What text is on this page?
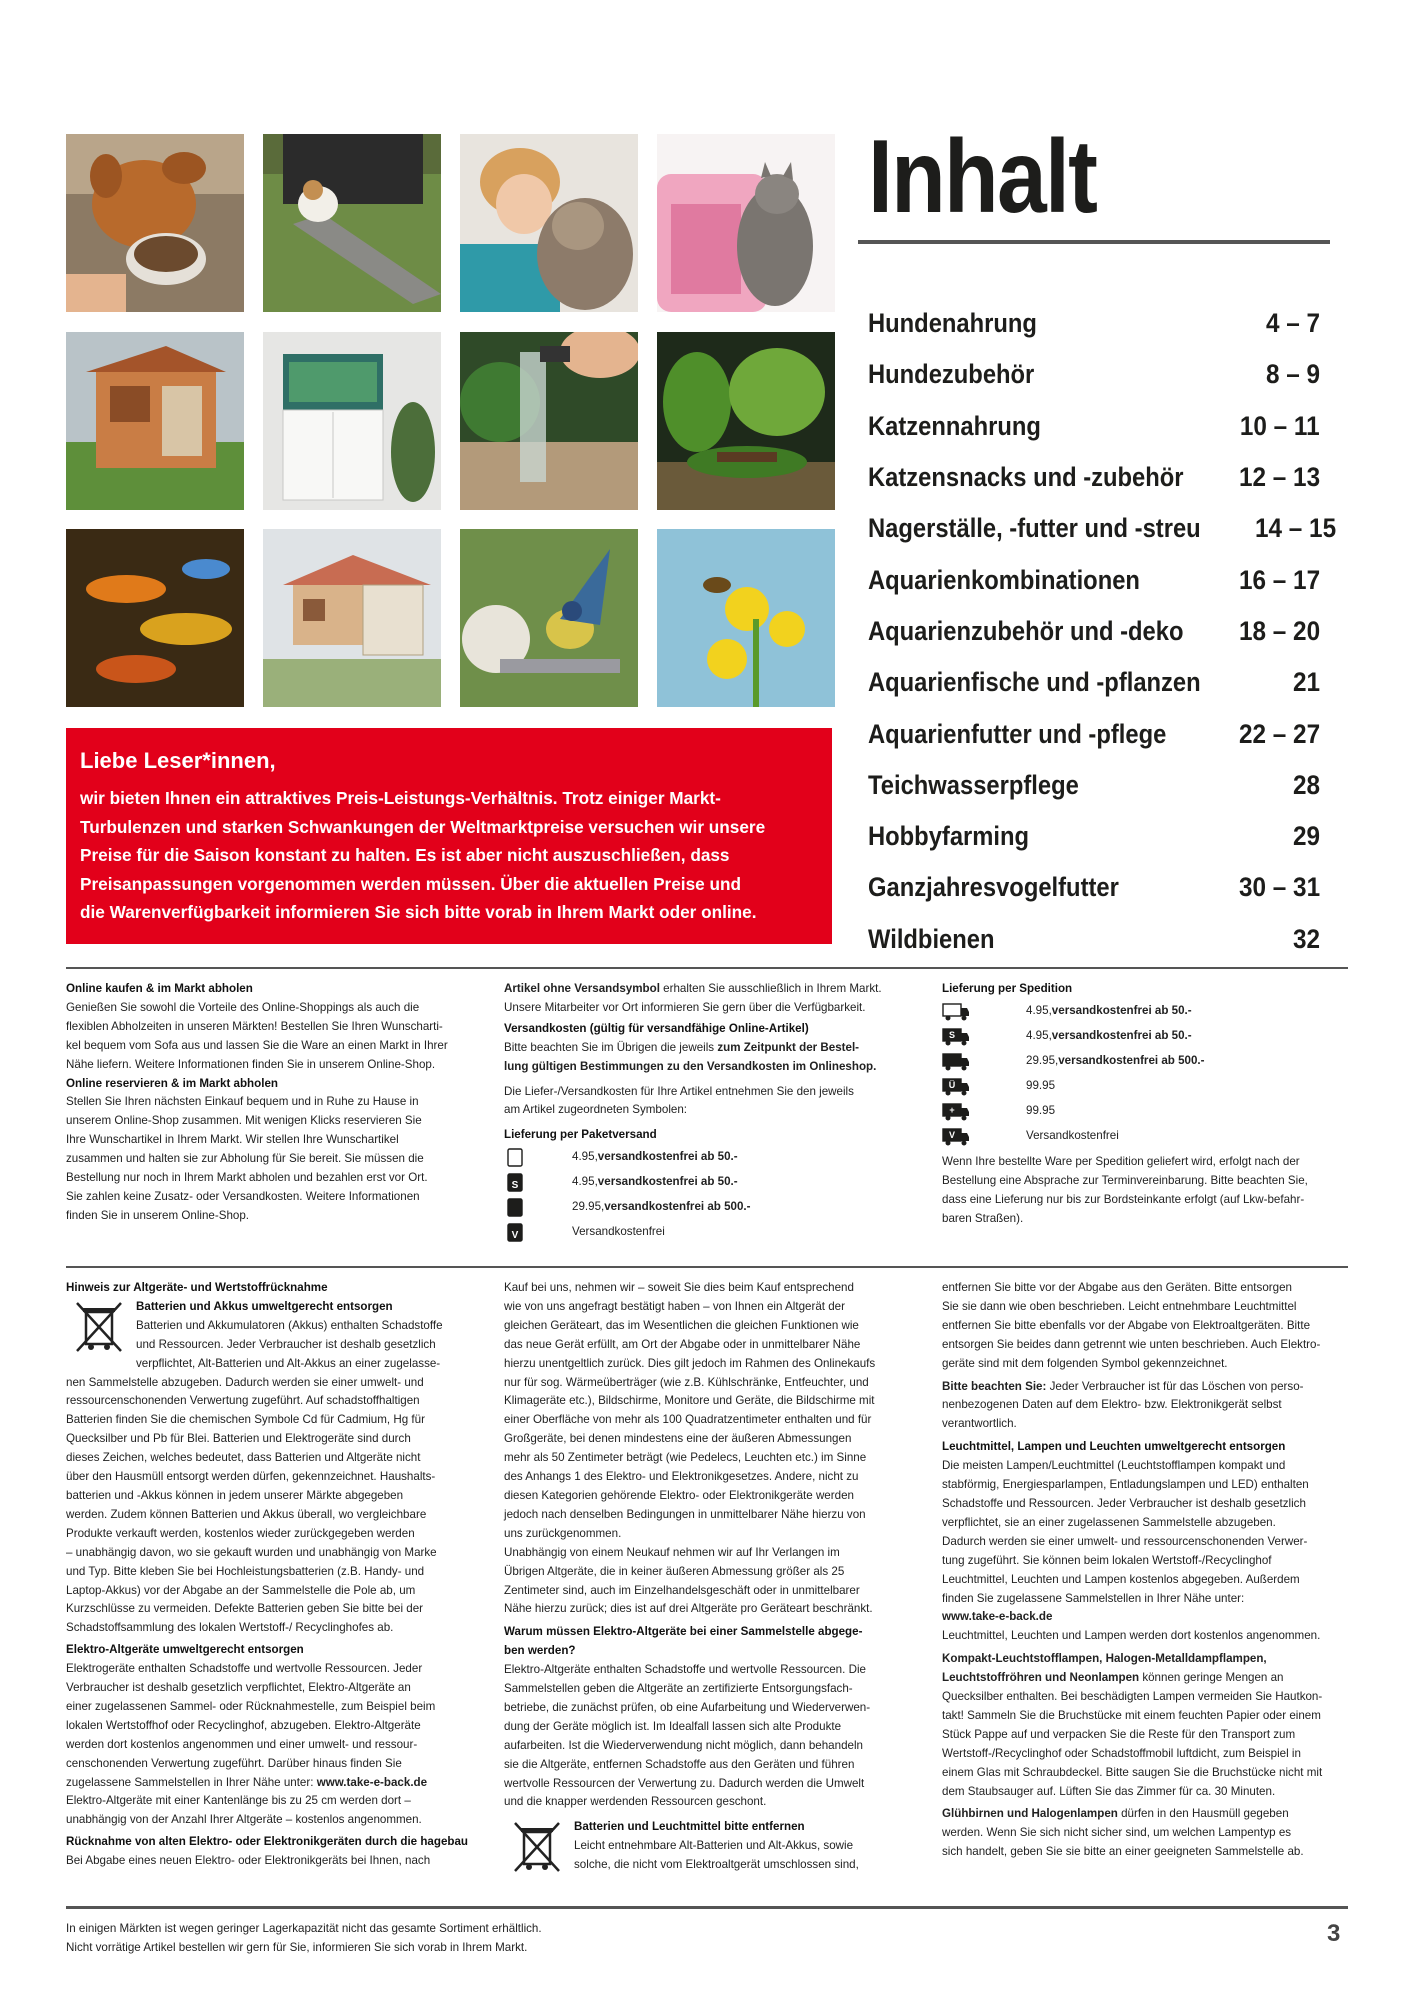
Inhalt
Hundenahrung	4 – 7
Hundezubehör	8 – 9
Katzennahrung	10 – 11
Katzensnacks und -zubehör 12 – 13
Nagerställe, -futter und -streu 14 – 15
Aquarienkombinationen	16 – 17
Aquarienzubehör und -deko 18 – 20
Aquarienfische und -pflanzen	21
Aquarienfutter und -pflege	22 – 27
Teichwasserpflege	28
Hobbyfarming	29
Ganzjahresvogelfutter	30 – 31
Wildbienen	32
Liebe Leser*innen,

wir bieten Ihnen ein attraktives Preis-Leistungs-Verhältnis. Trotz einiger Markt-
Turbulenzen und starken Schwankungen der Weltmarktpreise versuchen wir unsere
Preise für die Saison konstant zu halten. Es ist aber nicht auszuschließen, dass
Preisanpassungen vorgenommen werden müssen. Über die aktuellen Preise und
die Warenverfügbarkeit informieren Sie sich bitte vorab in Ihrem Markt oder online.

Online kaufen & im Markt abholen

Genießen Sie sowohl die Vorteile des Online-Shoppings als auch die
flexiblen Abholzeiten in unseren Märkten! Bestellen Sie Ihren Wunscharti-
kel bequem vom Sofa aus und lassen Sie die Ware an einen Markt in Ihrer
Nähe liefern. Weitere Informationen finden Sie in unserem Online-Shop.

Online reservieren & im Markt abholen

Stellen Sie Ihren nächsten Einkauf bequem und in Ruhe zu Hause in
unserem Online-Shop zusammen. Mit wenigen Klicks reservieren Sie
Ihre Wunschartikel in Ihrem Markt. Wir stellen Ihre Wunschartikel
zusammen und halten sie zur Abholung für Sie bereit. Sie müssen die
Bestellung nur noch in Ihrem Markt abholen und bezahlen erst vor Ort.
Sie zahlen keine Zusatz- oder Versandkosten. Weitere Informationen
finden Sie in unserem Online-Shop.

Artikel ohne Versandsymbol erhalten Sie ausschließlich in Ihrem Markt.
Unsere Mitarbeiter vor Ort informieren Sie gern über die Verfügbarkeit.

Versandkosten (gültig für versandfähige Online-Artikel)

Bitte beachten Sie im Übrigen die jeweils zum Zeitpunkt der Bestel-
lung gültigen Bestimmungen zu den Versandkosten im Onlineshop.

Die Liefer-/Versandkosten für Ihre Artikel entnehmen Sie den jeweils
am Artikel zugeordneten Symbolen:

Lieferung per Paketversand

4.95, versandkostenfrei ab 50.-
S	4.95, versandkostenfrei ab 50.-
29.95, versandkostenfrei ab 500.-
V	Versandkostenfrei

Lieferung per Spedition

4.95, versandkostenfrei ab 50.-
S	4.95, versandkostenfrei ab 50.-
29.95, versandkostenfrei ab 500.-
Ü	99.95
+	99.95
V	Versandkostenfrei

Wenn Ihre bestellte Ware per Spedition geliefert wird, erfolgt nach der
Bestellung eine Absprache zur Terminvereinbarung. Bitte beachten Sie,
dass eine Lieferung nur bis zur Bordsteinkante erfolgt (auf Lkw-befahr-
baren Straßen).

Hinweis zur Altgeräte- und Wertstoffrücknahme

Batterien und Akkus umweltgerecht entsorgen

Batterien und Akkumulatoren (Akkus) enthalten Schadstoffe
und Ressourcen. Jeder Verbraucher ist deshalb gesetzlich
verpflichtet, Alt-Batterien und Alt-Akkus an einer zugelasse-
nen Sammelstelle abzugeben. Dadurch werden sie einer umwelt- und
ressourcenschonenden Verwertung zugeführt. Auf schadstoffhaltigen
Batterien finden Sie die chemischen Symbole Cd für Cadmium, Hg für
Quecksilber und Pb für Blei. Batterien und Elektrogeräte sind durch
dieses Zeichen, welches bedeutet, dass Batterien und Altgeräte nicht
über den Hausmüll entsorgt werden dürfen, gekennzeichnet. Haushalts-
batterien und -Akkus können in jedem unserer Märkte abgegeben
werden. Zudem können Batterien und Akkus überall, wo vergleichbare
Produkte verkauft werden, kostenlos wieder zurückgegeben werden
– unabhängig davon, wo sie gekauft wurden und unabhängig von Marke
und Typ. Bitte kleben Sie bei Hochleistungsbatterien (z.B. Handy- und
Laptop-Akkus) vor der Abgabe an der Sammelstelle die Pole ab, um
Kurzschlüsse zu vermeiden. Defekte Batterien geben Sie bitte bei der
Schadstoffsammlung des lokalen Wertstoff-/ Recyclinghofes ab.

Elektro-Altgeräte umweltgerecht entsorgen

Elektrogeräte enthalten Schadstoffe und wertvolle Ressourcen. Jeder
Verbraucher ist deshalb gesetzlich verpflichtet, Elektro-Altgeräte an
einer zugelassenen Sammel- oder Rücknahmestelle, zum Beispiel beim
lokalen Wertstoffhof oder Recyclinghof, abzugeben. Elektro-Altgeräte
werden dort kostenlos angenommen und einer umwelt- und ressour-
censchonenden Verwertung zugeführt. Darüber hinaus finden Sie
zugelassene Sammelstellen in Ihrer Nähe unter: www.take-e-back.de
Elektro-Altgeräte mit einer Kantenlänge bis zu 25 cm werden dort –
unabhängig von der Anzahl Ihrer Altgeräte – kostenlos angenommen.

Rücknahme von alten Elektro- oder Elektronikgeräten durch die hagebau

Bei Abgabe eines neuen Elektro- oder Elektronikgeräts bei Ihnen, nach

Kauf bei uns, nehmen wir – soweit Sie dies beim Kauf entsprechend
wie von uns angefragt bestätigt haben – von Ihnen ein Altgerät der
gleichen Geräteart, das im Wesentlichen die gleichen Funktionen wie
das neue Gerät erfüllt, am Ort der Abgabe oder in unmittelbarer Nähe
hierzu unentgeltlich zurück. Dies gilt jedoch im Rahmen des Onlinekaufs
nur für sog. Wärmeüberträger (wie z.B. Kühlschränke, Entfeuchter, und
Klimageräte etc.), Bildschirme, Monitore und Geräte, die Bildschirme mit
einer Oberfläche von mehr als 100 Quadratzentimeter enthalten und für
Großgeräte, bei denen mindestens eine der äußeren Abmessungen
mehr als 50 Zentimeter beträgt (wie Pedelecs, Leuchten etc.) im Sinne
des Anhangs 1 des Elektro- und Elektronikgesetzes. Andere, nicht zu
diesen Kategorien gehörende Elektro- oder Elektronikgeräte werden
jedoch nach denselben Bedingungen in unmittelbarer Nähe hierzu von
uns zurückgenommen.
Unabhängig von einem Neukauf nehmen wir auf Ihr Verlangen im
Übrigen Altgeräte, die in keiner äußeren Abmessung größer als 25
Zentimeter sind, auch im Einzelhandelsgeschäft oder in unmittelbarer
Nähe hierzu zurück; dies ist auf drei Altgeräte pro Geräteart beschränkt.

Warum müssen Elektro-Altgeräte bei einer Sammelstelle abgege-
ben werden?

Elektro-Altgeräte enthalten Schadstoffe und wertvolle Ressourcen. Die
Sammelstellen geben die Altgeräte an zertifizierte Entsorgungsfach-
betriebe, die zunächst prüfen, ob eine Aufarbeitung und Wiederverwen-
dung der Geräte möglich ist. Im Idealfall lassen sich alte Produkte
aufarbeiten. Ist die Wiederverwendung nicht möglich, dann behandeln
sie die Altgeräte, entfernen Schadstoffe aus den Geräten und führen
wertvolle Ressourcen der Verwertung zu. Dadurch werden die Umwelt
und die knapper werdenden Ressourcen geschont.

Batterien und Leuchtmittel bitte entfernen

Leicht entnehmbare Alt-Batterien und Alt-Akkus, sowie
solche, die nicht vom Elektroaltgerät umschlossen sind,

entfernen Sie bitte vor der Abgabe aus den Geräten. Bitte entsorgen
Sie sie dann wie oben beschrieben. Leicht entnehmbare Leuchtmittel
entfernen Sie bitte ebenfalls vor der Abgabe von Elektroaltgeräten. Bitte
entsorgen Sie beides dann getrennt wie unten beschrieben. Auch Elektro-
geräte sind mit dem folgenden Symbol gekennzeichnet.

Bitte beachten Sie: Jeder Verbraucher ist für das Löschen von perso-
nenbezogenen Daten auf dem Elektro- bzw. Elektronikgerät selbst
verantwortlich.

Leuchtmittel, Lampen und Leuchten umweltgerecht entsorgen

Die meisten Lampen/Leuchtmittel (Leuchtstofflampen kompakt und
stabförmig, Energiesparlampen, Entladungslampen und LED) enthalten
Schadstoffe und Ressourcen. Jeder Verbraucher ist deshalb gesetzlich
verpflichtet, sie an einer zugelassenen Sammelstelle abzugeben.
Dadurch werden sie einer umwelt- und ressourcenschonenden Verwer-
tung zugeführt. Sie können beim lokalen Wertstoff-/Recyclinghof
Leuchtmittel, Leuchten und Lampen kostenlos abgegeben. Außerdem
finden Sie zugelassene Sammelstellen in Ihrer Nähe unter:
www.take-e-back.de
Leuchtmittel, Leuchten und Lampen werden dort kostenlos angenommen.

Kompakt-Leuchtstofflampen, Halogen-Metalldampflampen,
Leuchtstoffröhren und Neonlampen können geringe Mengen an
Quecksilber enthalten. Bei beschädigten Lampen vermeiden Sie Hautkon-
takt! Sammeln Sie die Bruchstücke mit einem feuchten Papier oder einem
Stück Pappe auf und verpacken Sie die Reste für den Transport zum
Wertstoff-/Recyclinghof oder Schadstoffmobil luftdicht, zum Beispiel in
einem Glas mit Schraubdeckel. Bitte saugen Sie die Bruchstücke nicht mit
dem Staubsauger auf. Lüften Sie das Zimmer für ca. 30 Minuten.

Glühbirnen und Halogenlampen dürfen in den Hausmüll gegeben
werden. Wenn Sie sich nicht sicher sind, um welchen Lampentyp es
sich handelt, geben Sie sie bitte an einer geeigneten Sammelstelle ab.

In einigen Märkten ist wegen geringer Lagerkapazität nicht das gesamte Sortiment erhältlich.
Nicht vorrätige Artikel bestellen wir gern für Sie, informieren Sie sich vorab in Ihrem Markt.
3
